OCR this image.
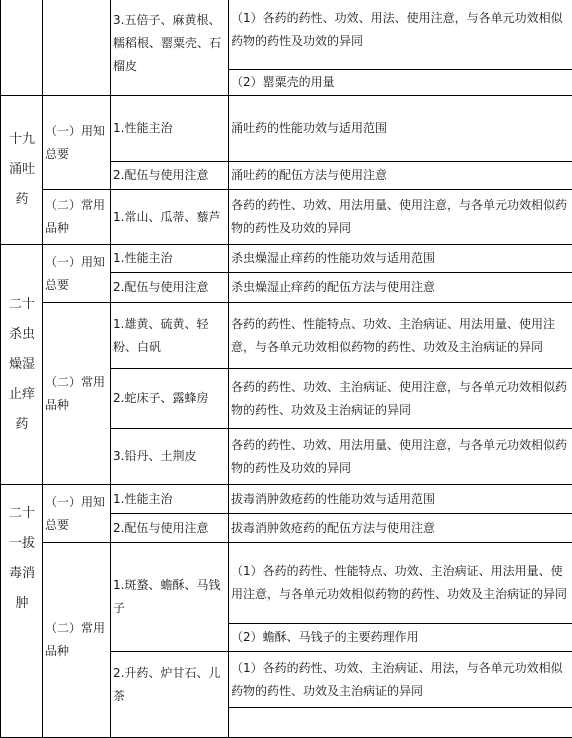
		3.五倍子、麻黄根、糯稻根、罂粟壳、石榴皮	（1）各药的药性、功效、用法、使用注意，与各单元功效相似药物的药性及功效的异同
			（2）罂粟壳的用量
十九涌吐药	（一）用知总要	1.性能主治	涌吐药的性能功效与适用范围
		2.配伍与使用注意	涌吐药的配伍方法与使用注意
	（二）常用品种	1.常山、瓜蒂、藜芦	各药的药性、功效、用法用量、使用注意，与各单元功效相似药物的药性及功效的异同
二十杀虫燥湿止痒药	（一）用知总要	1.性能主治	杀虫燥湿止痒药的性能功效与适用范围
		2.配伍与使用注意	杀虫燥湿止痒药的配伍方法与使用注意
	（二）常用品种	1.雄黄、硫黄、轻粉、白矾	各药的药性、性能特点、功效、主治病证、用法用量、使用注意，与各单元功效相似药物的药性、功效及主治病证的异同
		2.蛇床子、露蜂房	各药的药性、功效、主治病证、使用注意，与各单元功效相似药物的药性、功效及主治病证的异同
		3.铅丹、土荆皮	各药的药性、功效、用法用量、使用注意，与各单元功效相似药物的药性及功效的异同
二十一拔毒消肿	（一）用知总要	1.性能主治	拔毒消肿敛疮药的性能功效与适用范围
		2.配伍与使用注意	拔毒消肿敛疮药的配伍方法与使用注意
	（二）常用品种	1.斑蝥、蟾酥、马钱子	（1）各药的药性、性能特点、功效、主治病证、用法用量、使用注意，与各单元功效相似药物的药性、功效及主治病证的异同
			（2）蟾酥、马钱子的主要药理作用
		2.升药、炉甘石、儿茶	（1）各药的药性、功效、主治病证、用法，与各单元功效相似药物的药性、功效及主治病证的异同
